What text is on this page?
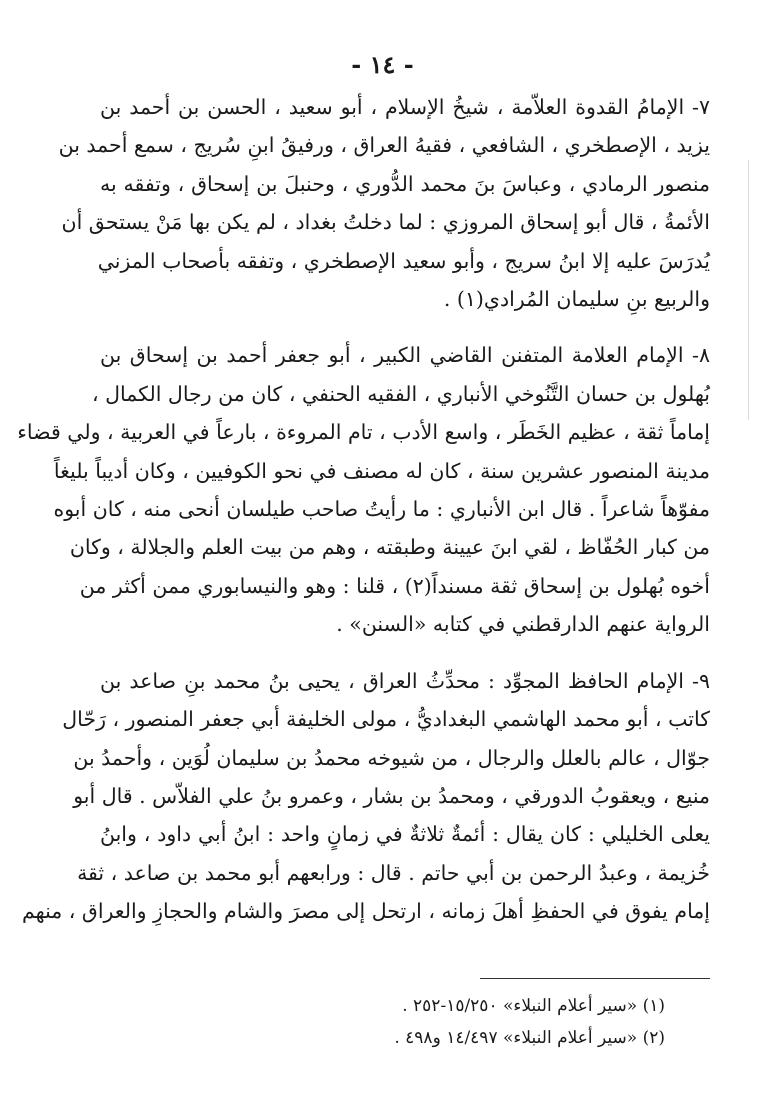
- ١٤ -
٧- الإمامُ القدوة العلاّمة ، شيخُ الإسلام ، أبو سعيد ، الحسن بن أحمد بن
يزيد ، الإصطخري ، الشافعي ، فقيهُ العراق ، ورفيقُ ابنِ سُريج ، سمع أحمد بن
منصور الرمادي ، وعباسَ بنَ محمد الدُّوري ، وحنبلَ بن إسحاق ، وتفقه به
الأئمةُ ، قال أبو إسحاق المروزي : لما دخلتُ بغداد ، لم يكن بها مَنْ يستحق أن
يُدرَسَ عليه إلا ابنُ سريج ، وأبو سعيد الإصطخري ، وتفقه بأصحاب المزني
والربيع بنِ سليمان المُرادي(١) .
٨- الإمام العلامة المتفنن القاضي الكبير ، أبو جعفر أحمد بن إسحاق بن
بُهلول بن حسان التَّنُوخي الأنباري ، الفقيه الحنفي ، كان من رجال الكمال ،
إماماً ثقة ، عظيم الخَطَر ، واسع الأدب ، تام المروءة ، بارعاً في العربية ، ولي قضاء
مدينة المنصور عشرين سنة ، كان له مصنف في نحو الكوفيين ، وكان أديباً بليغاً
مفوّهاً شاعراً . قال ابن الأنباري : ما رأيتُ صاحب طيلسان أنحى منه ، كان أبوه
من كبار الحُفّاظ ، لقي ابنَ عيينة وطبقته ، وهم من بيت العلم والجلالة ، وكان
أخوه بُهلول بن إسحاق ثقة مسنداً(٢) ، قلنا : وهو والنيسابوري ممن أكثر من
الرواية عنهم الدارقطني في كتابه «السنن» .
٩- الإمام الحافظ المجوِّد : محدِّثُ العراق ، يحيى بنُ محمد بنِ صاعد بن
كاتب ، أبو محمد الهاشمي البغداديُّ ، مولى الخليفة أبي جعفر المنصور ، رَحّال
جوّال ، عالم بالعلل والرجال ، من شيوخه محمدُ بن سليمان لُوَين ، وأحمدُ بن
منيع ، ويعقوبُ الدورقي ، ومحمدُ بن بشار ، وعمرو بنُ علي الفلاّس . قال أبو
يعلى الخليلي : كان يقال : أئمةٌ ثلاثةٌ في زمانٍ واحد : ابنُ أبي داود ، وابنُ
خُزيمة ، وعبدُ الرحمن بن أبي حاتم . قال : ورابعهم أبو محمد بن صاعد ، ثقة
إمام يفوق في الحفظِ أهلَ زمانه ، ارتحل إلى مصرَ والشام والحجازِ والعراق ، منهم
(١) «سير أعلام النبلاء» ١٥/٢٥٠-٢٥٢ .
(٢) «سير أعلام النبلاء» ١٤/٤٩٧ و٤٩٨ .
